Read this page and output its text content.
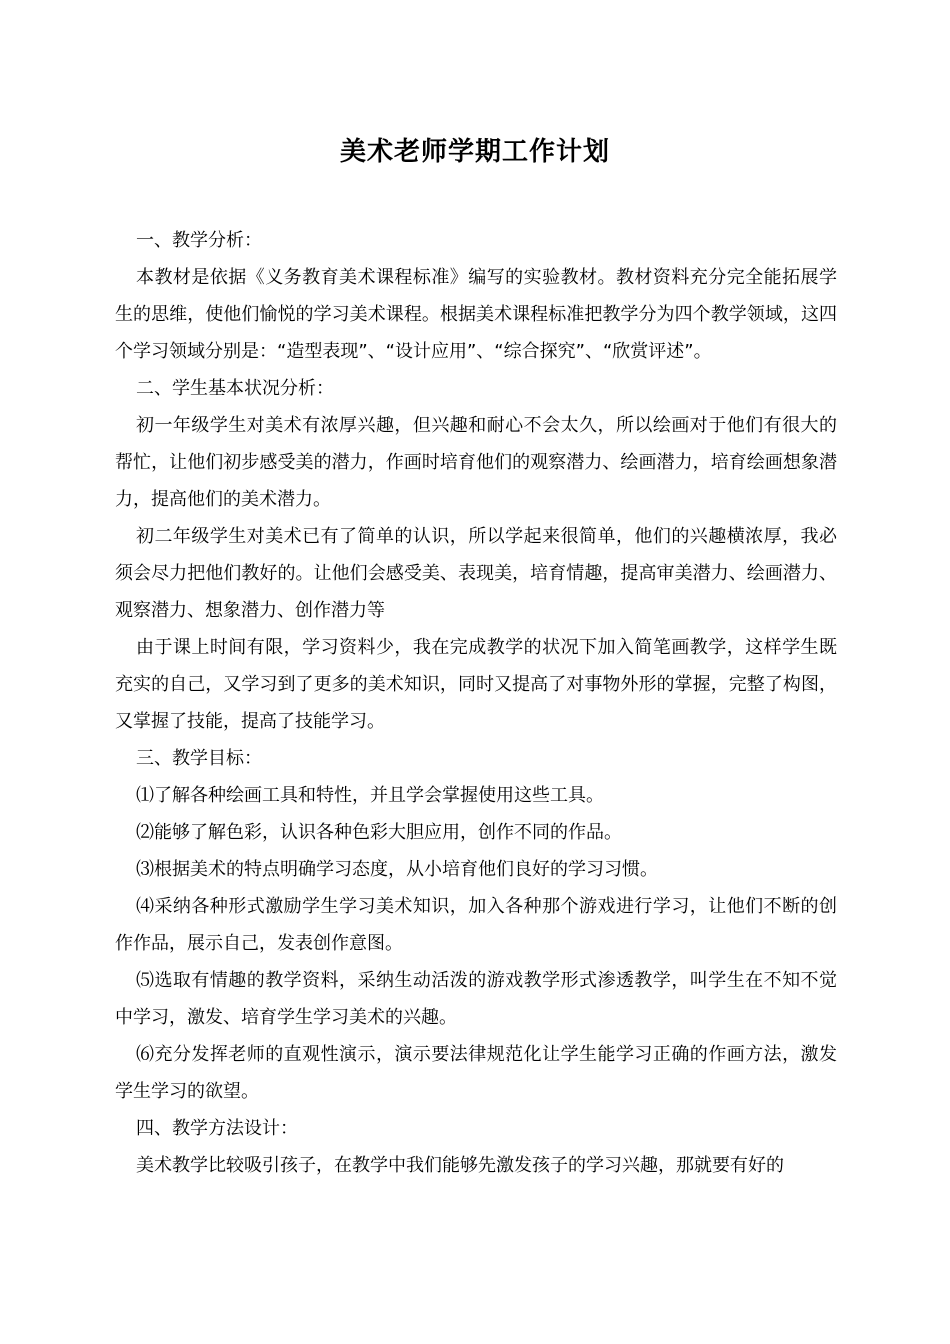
美术老师学期工作计划

一、教学分析：

本教材是依据《义务教育美术课程标准》编写的实验教材。教材资料充分完全能拓展学生的思维，使他们愉悦的学习美术课程。根据美术课程标准把教学分为四个教学领域，这四个学习领域分别是：“造型表现”、“设计应用”、“综合探究”、“欣赏评述”。

二、学生基本状况分析：

初一年级学生对美术有浓厚兴趣，但兴趣和耐心不会太久，所以绘画对于他们有很大的帮忙，让他们初步感受美的潜力，作画时培育他们的观察潜力、绘画潜力，培育绘画想象潜力，提高他们的美术潜力。

初二年级学生对美术已有了简单的认识，所以学起来很简单，他们的兴趣横浓厚，我必须会尽力把他们教好的。让他们会感受美、表现美，培育情趣，提高审美潜力、绘画潜力、观察潜力、想象潜力、创作潜力等

由于课上时间有限，学习资料少，我在完成教学的状况下加入简笔画教学，这样学生既充实的自己，又学习到了更多的美术知识，同时又提高了对事物外形的掌握，完整了构图，又掌握了技能，提高了技能学习。

三、教学目标：

⑴了解各种绘画工具和特性，并且学会掌握使用这些工具。

⑵能够了解色彩，认识各种色彩大胆应用，创作不同的作品。

⑶根据美术的特点明确学习态度，从小培育他们良好的学习习惯。

⑷采纳各种形式激励学生学习美术知识，加入各种那个游戏进行学习，让他们不断的创作作品，展示自己，发表创作意图。

⑸选取有情趣的教学资料，采纳生动活泼的游戏教学形式渗透教学，叫学生在不知不觉中学习，激发、培育学生学习美术的兴趣。

⑹充分发挥老师的直观性演示，演示要法律规范化让学生能学习正确的作画方法，激发学生学习的欲望。

四、教学方法设计：

美术教学比较吸引孩子，在教学中我们能够先激发孩子的学习兴趣，那就要有好的
